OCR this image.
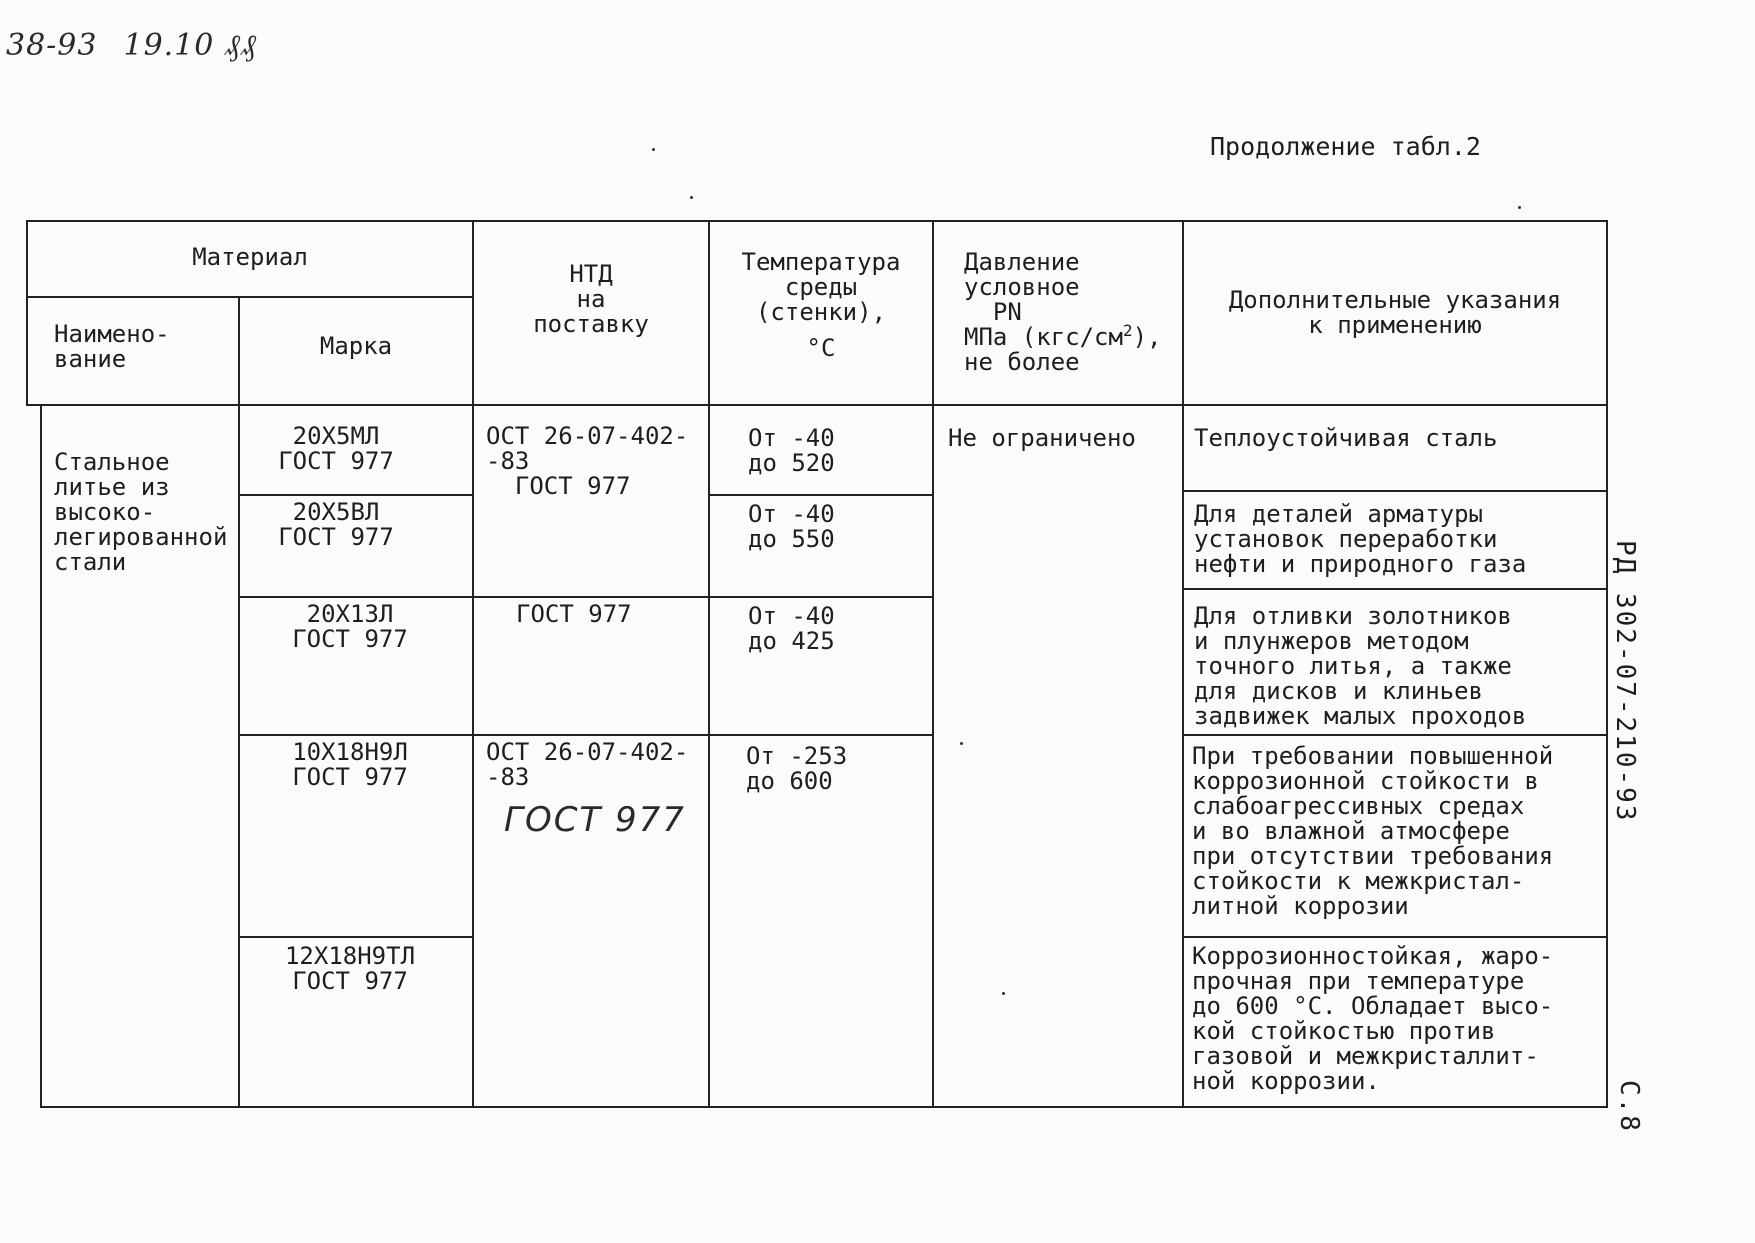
38-93 19.10 ₰₰
Продолжение табл.2
РД 302-07-210-93
С.8
Материал
Наимено-
вание	Марка
НТД
на
поставку
Температура
среды
(стенки),
°C
Давление
условное
PN
МПа $(кгс/см^2)$,
не более
Дополнительные указания
к применению
Стальное
литье из
высоко-
легированной
стали
20Х5МЛ
ГОСТ 977
20Х5ВЛ
ГОСТ 977
20Х13Л
ГОСТ 977
10Х18Н9Л
ГОСТ 977
12Х18Н9ТЛ
ГОСТ 977
ОСТ 26-07-402-
-83
ГОСТ 977
ГОСТ 977
ОСТ 26-07-402-
-83
ГОСТ 977
От -40
до 520
От -40
до 550
От -40
до 425
От -253
до 600
Не ограничено Теплоустойчивая сталь
Для деталей арматуры
установок переработки
нефти и природного газа
Для отливки золотников
и плунжеров методом
точного литья, а также
для дисков и клиньев
задвижек малых проходов
При требовании повышенной
коррозионной стойкости в
слабоагрессивных средах
и во влажной атмосфере
при отсутствии требования
стойкости к межкристал-
литной коррозии
Коррозионностойкая, жаро-
прочная при температуре
до 600 °C. Обладает высо-
кой стойкостью против
газовой и межкристаллит-
ной коррозии.
